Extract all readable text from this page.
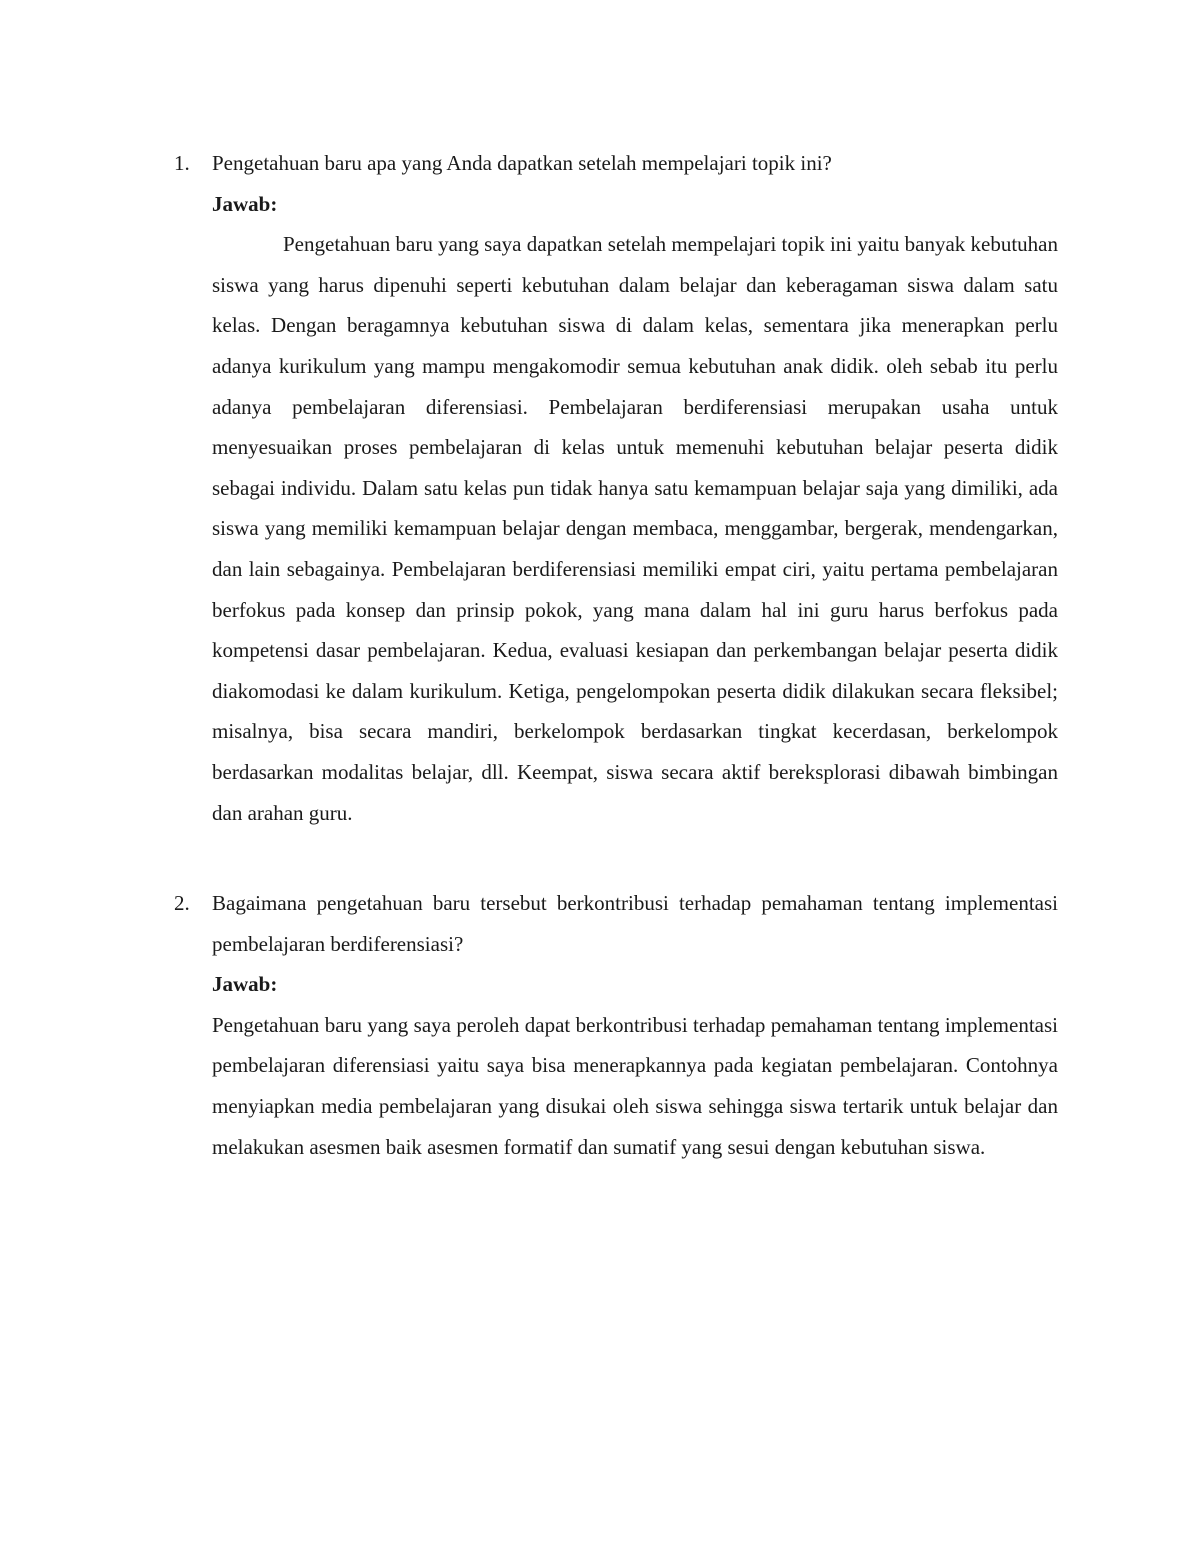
1. Pengetahuan baru apa yang Anda dapatkan setelah mempelajari topik ini?

Jawab:

Pengetahuan baru yang saya dapatkan setelah mempelajari topik ini yaitu banyak kebutuhan siswa yang harus dipenuhi seperti kebutuhan dalam belajar dan keberagaman siswa dalam satu kelas. Dengan beragamnya kebutuhan siswa di dalam kelas, sementara jika menerapkan perlu adanya kurikulum yang mampu mengakomodir semua kebutuhan anak didik. oleh sebab itu perlu adanya pembelajaran diferensiasi. Pembelajaran berdiferensiasi merupakan usaha untuk menyesuaikan proses pembelajaran di kelas untuk memenuhi kebutuhan belajar peserta didik sebagai individu. Dalam satu kelas pun tidak hanya satu kemampuan belajar saja yang dimiliki, ada siswa yang memiliki kemampuan belajar dengan membaca, menggambar, bergerak, mendengarkan, dan lain sebagainya. Pembelajaran berdiferensiasi memiliki empat ciri, yaitu pertama pembelajaran berfokus pada konsep dan prinsip pokok, yang mana dalam hal ini guru harus berfokus pada kompetensi dasar pembelajaran. Kedua, evaluasi kesiapan dan perkembangan belajar peserta didik diakomodasi ke dalam kurikulum. Ketiga, pengelompokan peserta didik dilakukan secara fleksibel; misalnya, bisa secara mandiri, berkelompok berdasarkan tingkat kecerdasan, berkelompok berdasarkan modalitas belajar, dll. Keempat, siswa secara aktif bereksplorasi dibawah bimbingan dan arahan guru.

2. Bagaimana pengetahuan baru tersebut berkontribusi terhadap pemahaman tentang implementasi pembelajaran berdiferensiasi?

Jawab:

Pengetahuan baru yang saya peroleh dapat berkontribusi terhadap pemahaman tentang implementasi pembelajaran diferensiasi yaitu saya bisa menerapkannya pada kegiatan pembelajaran. Contohnya menyiapkan media pembelajaran yang disukai oleh siswa sehingga siswa tertarik untuk belajar dan melakukan asesmen baik asesmen formatif dan sumatif yang sesui dengan kebutuhan siswa.
